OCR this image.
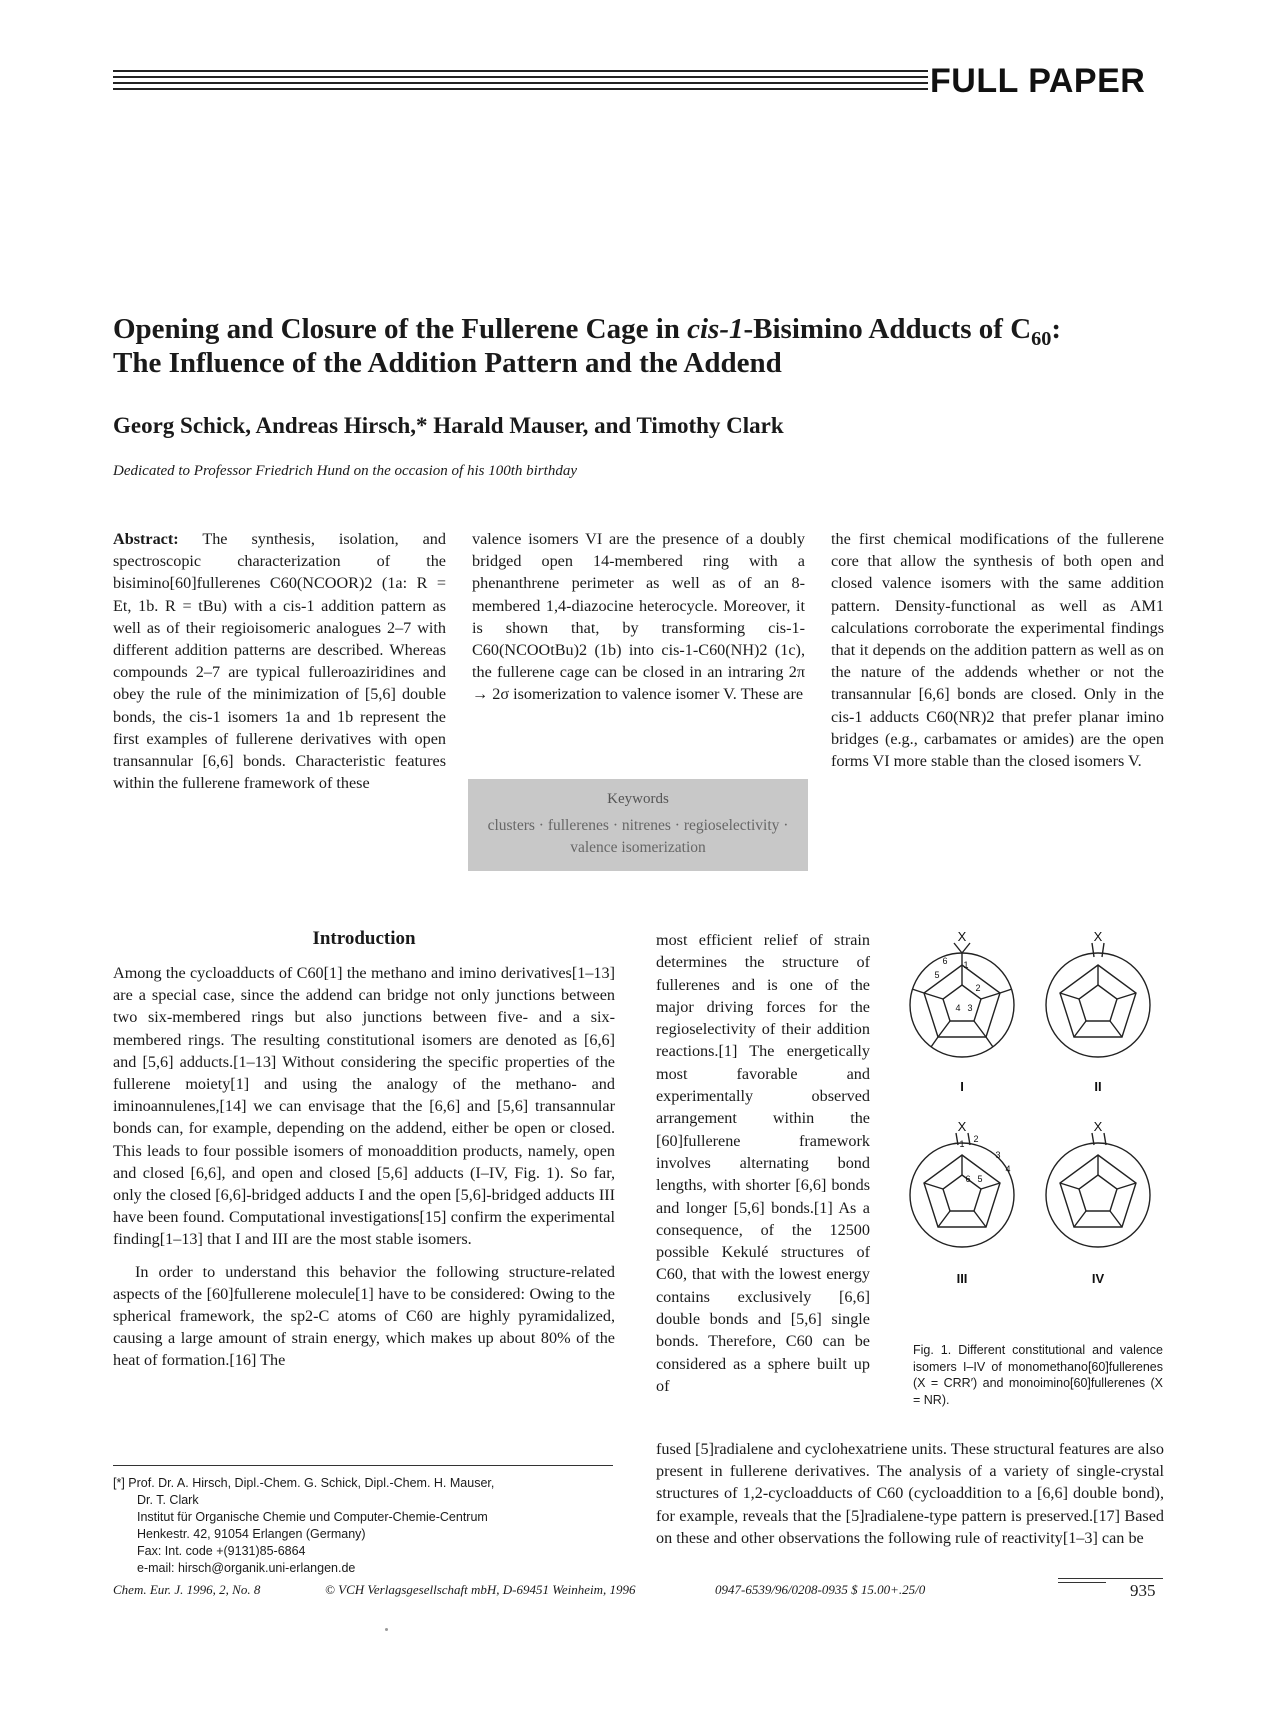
FULL PAPER
Opening and Closure of the Fullerene Cage in cis-1-Bisimino Adducts of $C_{60}$:
The Influence of the Addition Pattern and the Addend
Georg Schick, Andreas Hirsch,* Harald Mauser, and Timothy Clark
Dedicated to Professor Friedrich Hund on the occasion of his 100th birthday

Abstract: The synthesis, isolation, and spectroscopic characterization of the bisimino[60]fullerenes C60(NCOOR)2 (1a: R = Et, 1b. R = tBu) with a cis-1 addition pattern as well as of their regioisomeric analogues 2–7 with different addition patterns are described. Whereas compounds 2–7 are typical fulleroaziridines and obey the rule of the minimization of [5,6] double bonds, the cis-1 isomers 1a and 1b represent the first examples of fullerene derivatives with open transannular [6,6] bonds. Characteristic features within the fullerene framework of these

valence isomers VI are the presence of a doubly bridged open 14-membered ring with a phenanthrene perimeter as well as of an 8-membered 1,4-diazocine heterocycle. Moreover, it is shown that, by transforming cis-1-C60(NCOOtBu)2 (1b) into cis-1-C60(NH)2 (1c), the fullerene cage can be closed in an intraring 2π → 2σ isomerization to valence isomer V. These are

the first chemical modifications of the fullerene core that allow the synthesis of both open and closed valence isomers with the same addition pattern. Density-functional as well as AM1 calculations corroborate the experimental findings that it depends on the addition pattern as well as on the nature of the addends whether or not the transannular [6,6] bonds are closed. Only in the cis-1 adducts C60(NR)2 that prefer planar imino bridges (e.g., carbamates or amides) are the open forms VI more stable than the closed isomers V.

Keywords
clusters · fullerenes · nitrenes · regioselectivity · valence isomerization
Introduction

Among the cycloadducts of C60[1] the methano and imino derivatives[1–13] are a special case, since the addend can bridge not only junctions between two six-membered rings but also junctions between five- and a six-membered rings. The resulting constitutional isomers are denoted as [6,6] and [5,6] adducts.[1–13] Without considering the specific properties of the fullerene moiety[1] and using the analogy of the methano- and iminoannulenes,[14] we can envisage that the [6,6] and [5,6] transannular bonds can, for example, depending on the addend, either be open or closed. This leads to four possible isomers of monoaddition products, namely, open and closed [6,6], and open and closed [5,6] adducts (I–IV, Fig. 1). So far, only the closed [6,6]-bridged adducts I and the open [5,6]-bridged adducts III have been found. Computational investigations[15] confirm the experimental finding[1–13] that I and III are the most stable isomers.

In order to understand this behavior the following structure-related aspects of the [60]fullerene molecule[1] have to be considered: Owing to the spherical framework, the sp2-C atoms of C60 are highly pyramidalized, causing a large amount of strain energy, which makes up about 80% of the heat of formation.[16] The

most efficient relief of strain determines the structure of fullerenes and is one of the major driving forces for the regioselectivity of their addition reactions.[1] The energetically most favorable and experimentally observed arrangement within the [60]fullerene framework involves alternating bond lengths, with shorter [6,6] bonds and longer [5,6] bonds.[1] As a consequence, of the 12500 possible Kekulé structures of C60, that with the lowest energy contains exclusively [6,6] double bonds and [5,6] single bonds. Therefore, C60 can be considered as a sphere built up of

fused [5]radialene and cyclohexatriene units. These structural features are also present in fullerene derivatives. The analysis of a variety of single-crystal structures of 1,2-cycloadducts of C60 (cycloaddition to a [6,6] double bond), for example, reveals that the [5]radialene-type pattern is preserved.[17] Based on these and other observations the following rule of reactivity[1–3] can be

X	X
X	X
I	II
III	IV
1
2
3
4
5
6
1 2
3
4
5
6
Fig. 1. Different constitutional and valence isomers I–IV of monomethano[60]fullerenes (X = CRR′) and monoimino[60]fullerenes (X = NR).
[*] Prof. Dr. A. Hirsch, Dipl.-Chem. G. Schick, Dipl.-Chem. H. Mauser,
Dr. T. Clark
Institut für Organische Chemie und Computer-Chemie-Centrum
Henkestr. 42, 91054 Erlangen (Germany)
Fax: Int. code +(9131)85-6864
e-mail: hirsch@organik.uni-erlangen.de
Chem. Eur. J. 1996, 2, No. 8	© VCH Verlagsgesellschaft mbH, D-69451 Weinheim, 1996	0947-6539/96/0208-0935 $ 15.00+.25/0	935
